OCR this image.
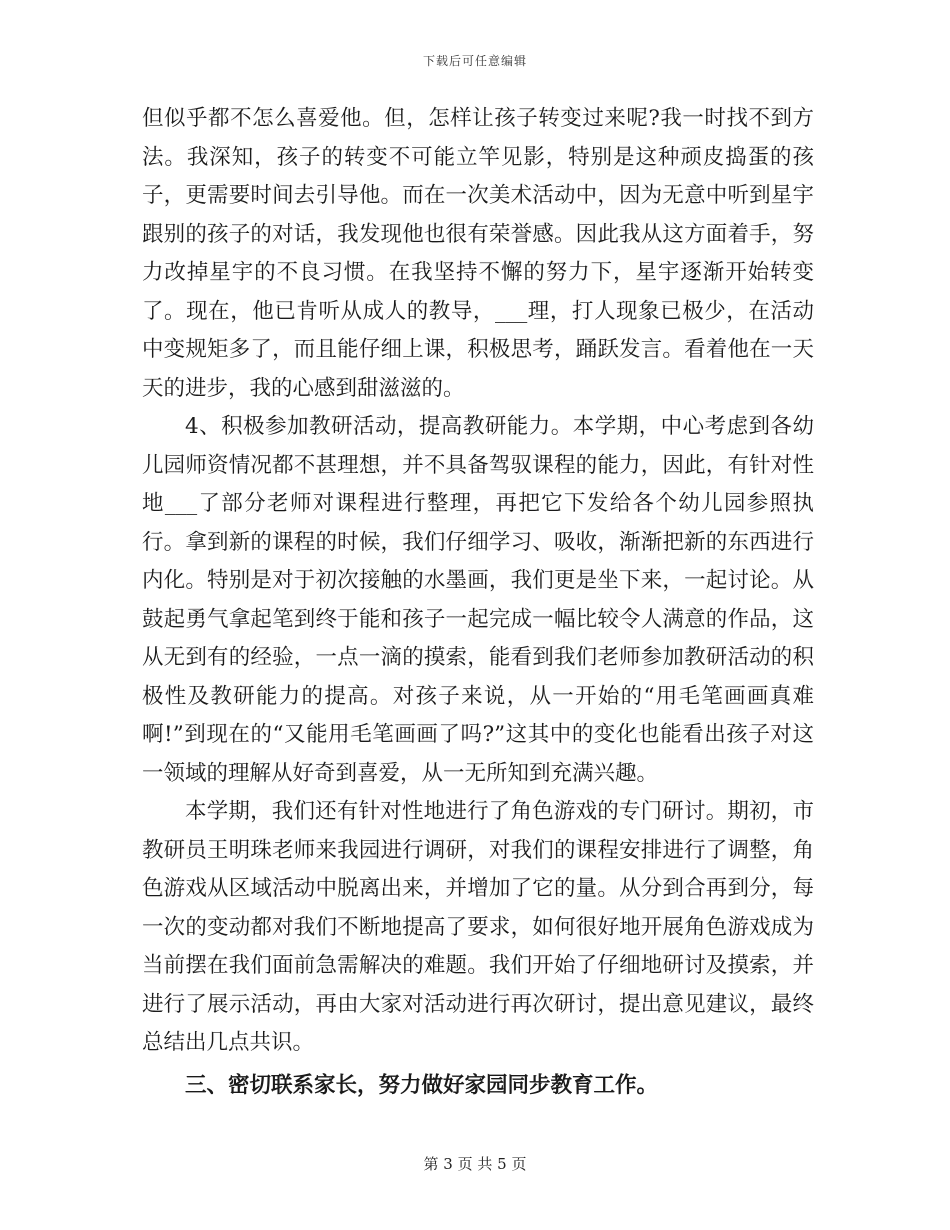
下载后可任意编辑

但似乎都不怎么喜爱他。但，怎样让孩子转变过来呢?我一时找不到方法。我深知，孩子的转变不可能立竿见影，特别是这种顽皮捣蛋的孩子，更需要时间去引导他。而在一次美术活动中，因为无意中听到星宇跟别的孩子的对话，我发现他也很有荣誉感。因此我从这方面着手，努力改掉星宇的不良习惯。在我坚持不懈的努力下，星宇逐渐开始转变了。现在，他已肯听从成人的教导，___理，打人现象已极少，在活动中变规矩多了，而且能仔细上课，积极思考，踊跃发言。看着他在一天天的进步，我的心感到甜滋滋的。

4、积极参加教研活动，提高教研能力。本学期，中心考虑到各幼儿园师资情况都不甚理想，并不具备驾驭课程的能力，因此，有针对性地___了部分老师对课程进行整理，再把它下发给各个幼儿园参照执行。拿到新的课程的时候，我们仔细学习、吸收，渐渐把新的东西进行内化。特别是对于初次接触的水墨画，我们更是坐下来，一起讨论。从鼓起勇气拿起笔到终于能和孩子一起完成一幅比较令人满意的作品，这从无到有的经验，一点一滴的摸索，能看到我们老师参加教研活动的积极性及教研能力的提高。对孩子来说，从一开始的“用毛笔画画真难啊!”到现在的“又能用毛笔画画了吗?”这其中的变化也能看出孩子对这一领域的理解从好奇到喜爱，从一无所知到充满兴趣。

本学期，我们还有针对性地进行了角色游戏的专门研讨。期初，市教研员王明珠老师来我园进行调研，对我们的课程安排进行了调整，角色游戏从区域活动中脱离出来，并增加了它的量。从分到合再到分，每一次的变动都对我们不断地提高了要求，如何很好地开展角色游戏成为当前摆在我们面前急需解决的难题。我们开始了仔细地研讨及摸索，并进行了展示活动，再由大家对活动进行再次研讨，提出意见建议，最终总结出几点共识。

三、密切联系家长，努力做好家园同步教育工作。

第 3 页 共 5 页
